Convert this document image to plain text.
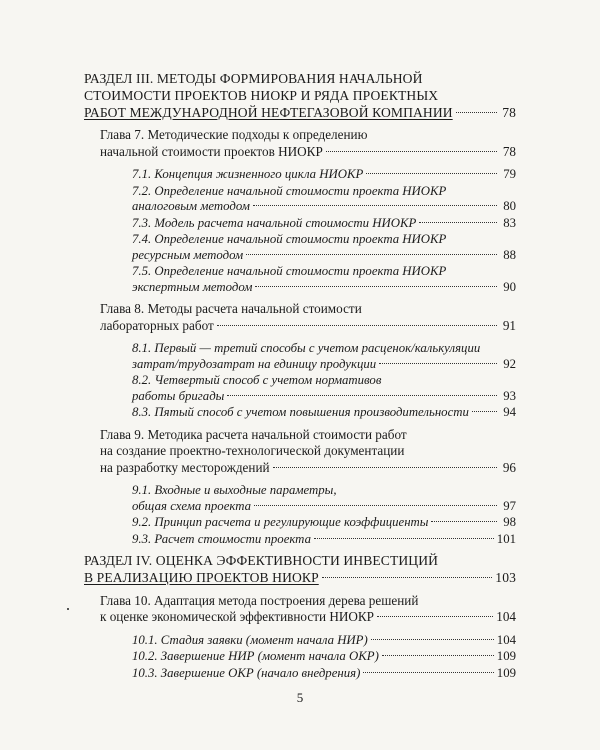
РАЗДЕЛ III. МЕТОДЫ ФОРМИРОВАНИЯ НАЧАЛЬНОЙ
СТОИМОСТИ ПРОЕКТОВ НИОКР И РЯДА ПРОЕКТНЫХ
РАБОТ МЕЖДУНАРОДНОЙ НЕФТЕГАЗОВОЙ КОМПАНИИ	78
Глава 7. Методические подходы к определению
начальной стоимости проектов НИОКР	78
7.1. Концепция жизненного цикла НИОКР	79
7.2. Определение начальной стоимости проекта НИОКР
аналоговым методом	80
7.3. Модель расчета начальной стоимости НИОКР	83
7.4. Определение начальной стоимости проекта НИОКР
ресурсным методом	88
7.5. Определение начальной стоимости проекта НИОКР
экспертным методом	90
Глава 8. Методы расчета начальной стоимости
лабораторных работ	91
8.1. Первый — третий способы с учетом расценок/калькуляции
затрат/трудозатрат на единицу продукции	92
8.2. Четвертый способ с учетом нормативов
работы бригады	93
8.3. Пятый способ с учетом повышения производительности	94
Глава 9. Методика расчета начальной стоимости работ
на создание проектно-технологической документации
на разработку месторождений	96
9.1. Входные и выходные параметры,
общая схема проекта	97
9.2. Принцип расчета и регулирующие коэффициенты	98
9.3. Расчет стоимости проекта	101
РАЗДЕЛ IV. ОЦЕНКА ЭФФЕКТИВНОСТИ ИНВЕСТИЦИЙ
В РЕАЛИЗАЦИЮ ПРОЕКТОВ НИОКР	103
Глава 10. Адаптация метода построения дерева решений
к оценке экономической эффективности НИОКР	104
10.1. Стадия заявки (момент начала НИР)	104
10.2. Завершение НИР (момент начала ОКР)	109
10.3. Завершение ОКР (начало внедрения)	109
5
